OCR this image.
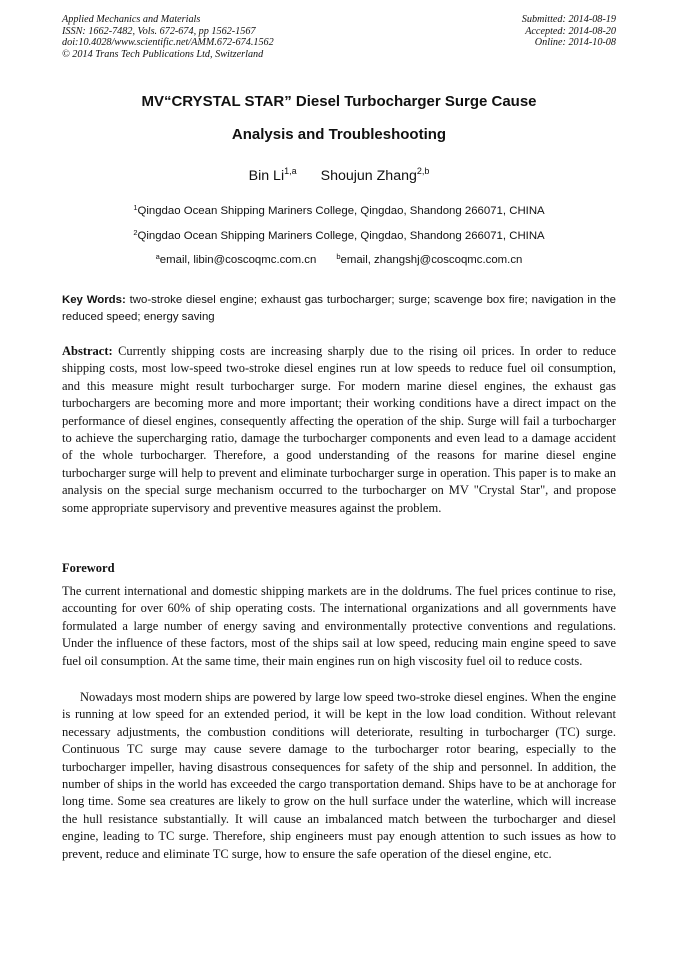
Applied Mechanics and Materials
ISSN: 1662-7482, Vols. 672-674, pp 1562-1567
doi:10.4028/www.scientific.net/AMM.672-674.1562
© 2014 Trans Tech Publications Ltd, Switzerland
Submitted: 2014-08-19
Accepted: 2014-08-20
Online: 2014-10-08
MV“CRYSTAL STAR” Diesel Turbocharger Surge Cause
Analysis and Troubleshooting
Bin Li$^{1,a}$ Shoujun Zhang$^{2,b}$
$^1$Qingdao Ocean Shipping Mariners College, Qingdao, Shandong 266071, CHINA
$^2$Qingdao Ocean Shipping Mariners College, Qingdao, Shandong 266071, CHINA
$^a$email, libin@coscoqmc.com.cn	$^b$email, zhangshj@coscoqmc.com.cn
Key Words: two-stroke diesel engine; exhaust gas turbocharger; surge; scavenge box fire; navigation in the reduced speed; energy saving
Abstract: Currently shipping costs are increasing sharply due to the rising oil prices. In order to reduce shipping costs, most low-speed two-stroke diesel engines run at low speeds to reduce fuel oil consumption, and this measure might result turbocharger surge. For modern marine diesel engines, the exhaust gas turbochargers are becoming more and more important; their working conditions have a direct impact on the performance of diesel engines, consequently affecting the operation of the ship. Surge will fail a turbocharger to achieve the supercharging ratio, damage the turbocharger components and even lead to a damage accident of the whole turbocharger. Therefore, a good understanding of the reasons for marine diesel engine turbocharger surge will help to prevent and eliminate turbocharger surge in operation. This paper is to make an analysis on the special surge mechanism occurred to the turbocharger on MV "Crystal Star", and propose some appropriate supervisory and preventive measures against the problem.
Foreword

The current international and domestic shipping markets are in the doldrums. The fuel prices continue to rise, accounting for over 60% of ship operating costs. The international organizations and all governments have formulated a large number of energy saving and environmentally protective conventions and regulations. Under the influence of these factors, most of the ships sail at low speed, reducing main engine speed to save fuel oil consumption. At the same time, their main engines run on high viscosity fuel oil to reduce costs.

Nowadays most modern ships are powered by large low speed two-stroke diesel engines. When the engine is running at low speed for an extended period, it will be kept in the low load condition. Without relevant necessary adjustments, the combustion conditions will deteriorate, resulting in turbocharger (TC) surge. Continuous TC surge may cause severe damage to the turbocharger rotor bearing, especially to the turbocharger impeller, having disastrous consequences for safety of the ship and personnel. In addition, the number of ships in the world has exceeded the cargo transportation demand. Ships have to be at anchorage for long time. Some sea creatures are likely to grow on the hull surface under the waterline, which will increase the hull resistance substantially. It will cause an imbalanced match between the turbocharger and diesel engine, leading to TC surge. Therefore, ship engineers must pay enough attention to such issues as how to prevent, reduce and eliminate TC surge, how to ensure the safe operation of the diesel engine, etc.
